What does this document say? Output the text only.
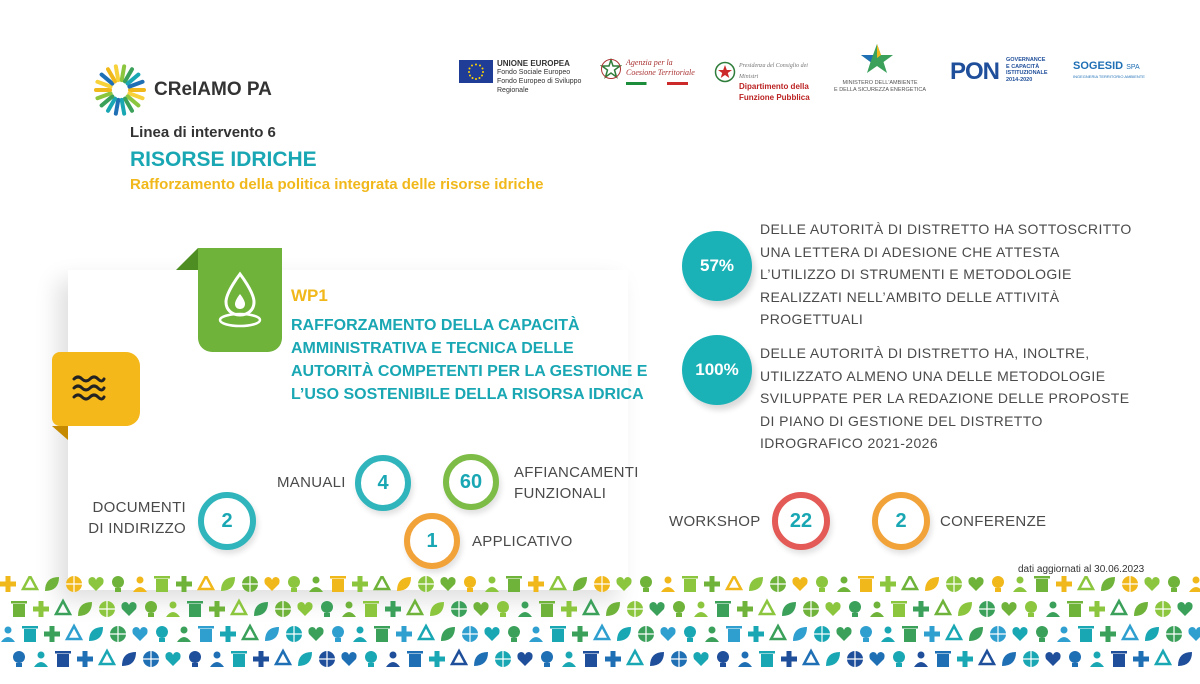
CReIAMO PA
Linea di intervento 6
RISORSE IDRICHE
Rafforzamento della politica integrata delle risorse idriche
UNIONE EUROPEA
Fondo Sociale Europeo
Fondo Europeo di Sviluppo Regionale
Agenzia per la
Coesione Territoriale
Presidenza del Consiglio dei Ministri
Dipartimento della
Funzione Pubblica
MINISTERO DELL'AMBIENTE
E DELLA SICUREZZA ENERGETICA
PON GOVERNANCE
E CAPACITÀ
ISTITUZIONALE
2014-2020
SOGESID SPA
INGEGNERIA TERRITORIO AMBIENTE
WP1
RAFFORZAMENTO DELLA CAPACITÀ AMMINISTRATIVA E TECNICA DELLE AUTORITÀ COMPETENTI PER LA GESTIONE E L’USO SOSTENIBILE DELLA RISORSA IDRICA
DOCUMENTI
DI INDIRIZZO	2
MANUALI	4	60	AFFIANCAMENTI
FUNZIONALI
1	APPLICATIVO
WORKSHOP	22	2	CONFERENZE
57%
DELLE AUTORITÀ DI DISTRETTO HA SOTTOSCRITTO
UNA LETTERA DI ADESIONE CHE ATTESTA
L’UTILIZZO DI STRUMENTI E METODOLOGIE
REALIZZATI NELL’AMBITO DELLE ATTIVITÀ
PROGETTUALI
100%
DELLE AUTORITÀ DI DISTRETTO HA, INOLTRE,
UTILIZZATO ALMENO UNA DELLE METODOLOGIE
SVILUPPATE PER LA REDAZIONE DELLE PROPOSTE
DI PIANO DI GESTIONE DEL DISTRETTO
IDROGRAFICO 2021-2026
dati aggiornati al 30.06.2023
